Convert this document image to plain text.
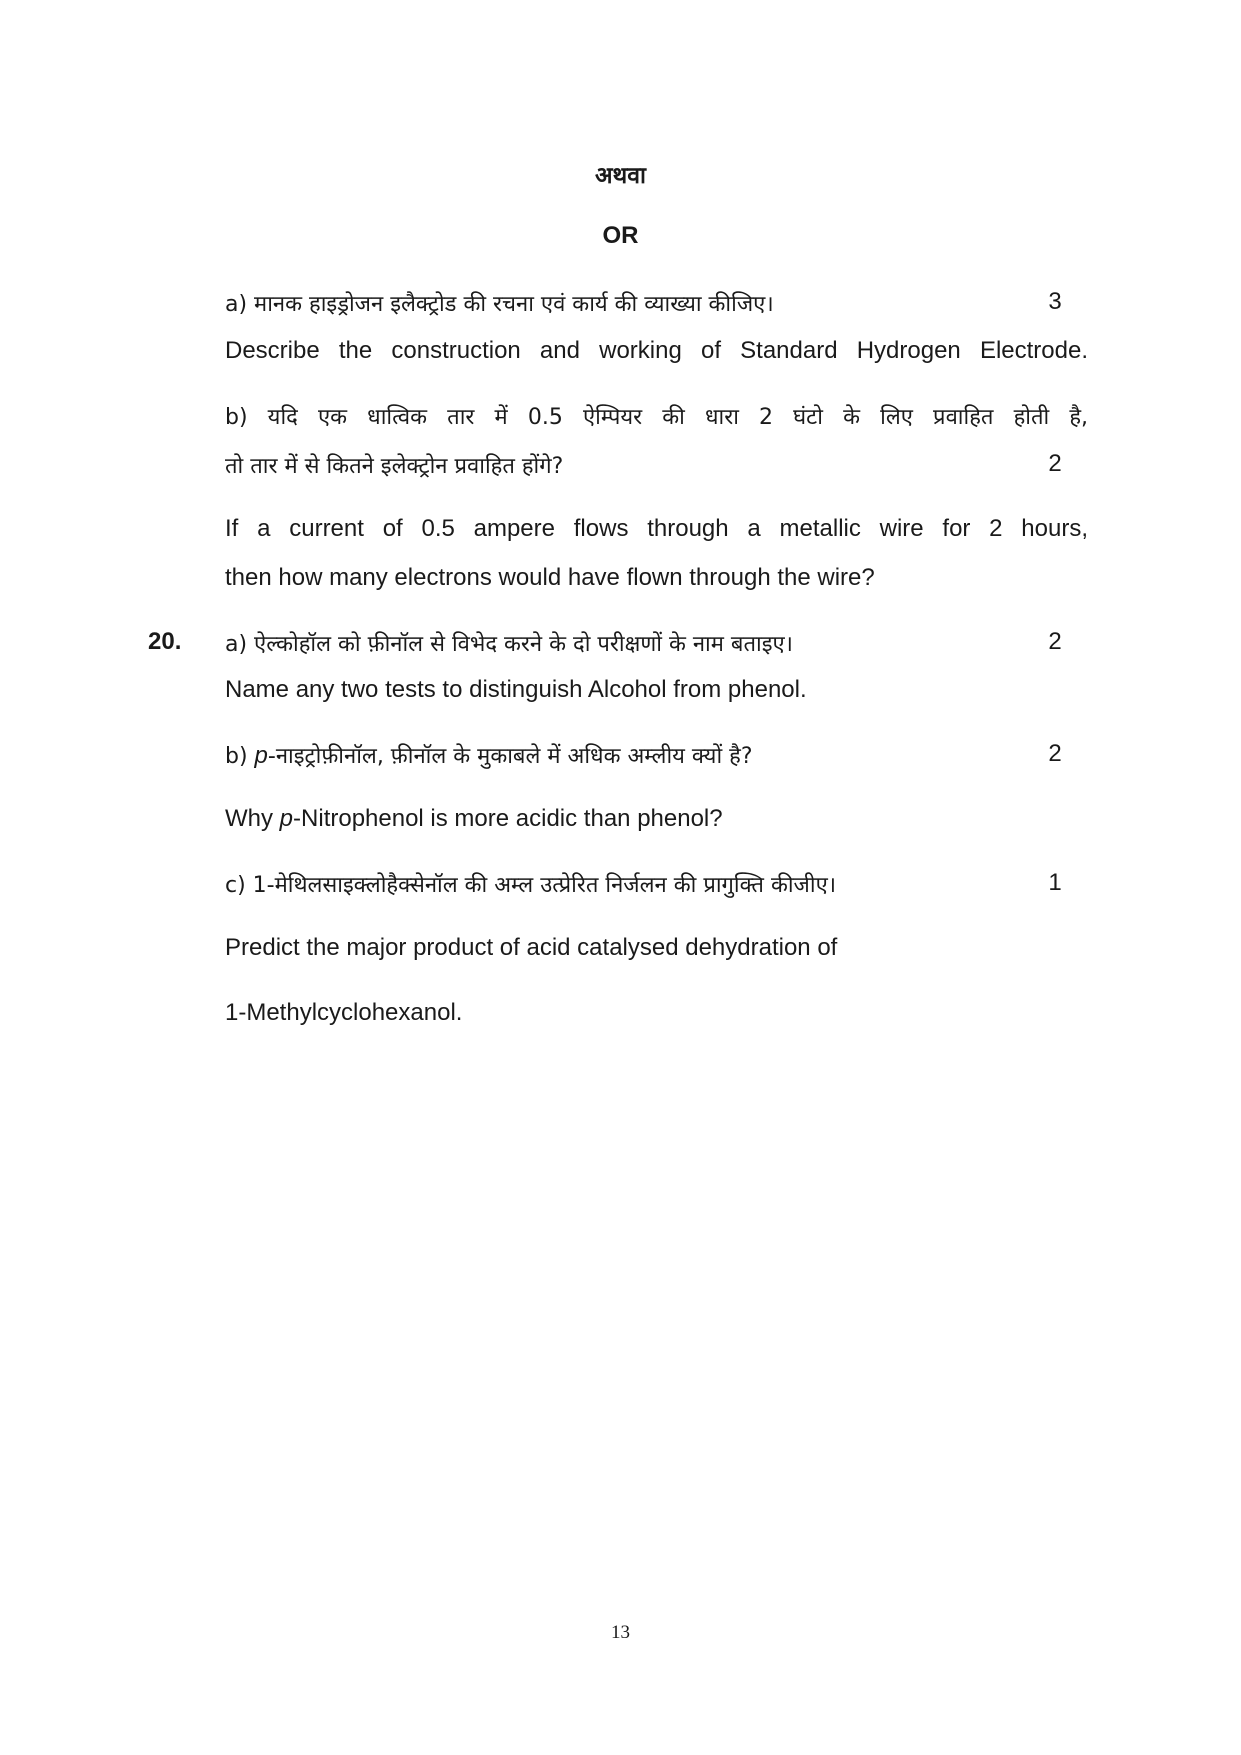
अथवा
OR
a) मानक हाइड्रोजन इलैक्ट्रोड की रचना एवं कार्य की व्याख्या कीजिए।	3
Describe the construction and working of Standard Hydrogen Electrode.
b) यदि एक धात्विक तार में 0.5 ऐम्पियर की धारा 2 घंटो के लिए प्रवाहित होती है,
तो तार में से कितने इलेक्ट्रोन प्रवाहित होंगे?	2
If a current of 0.5 ampere flows through a metallic wire for 2 hours,
then how many electrons would have flown through the wire?
20. a) ऐल्कोहॉल को फ़ीनॉल से विभेद करने के दो परीक्षणों के नाम बताइए।	2
Name any two tests to distinguish Alcohol from phenol.
b) p-नाइट्रोफ़ीनॉल, फ़ीनॉल के मुकाबले में अधिक अम्लीय क्यों है?	2
Why p-Nitrophenol is more acidic than phenol?
c) 1-मेथिलसाइक्लोहैक्सेनॉल की अम्ल उत्प्रेरित निर्जलन की प्रागुक्ति कीजीए।	1
Predict the major product of acid catalysed dehydration of
1-Methylcyclohexanol.
13
